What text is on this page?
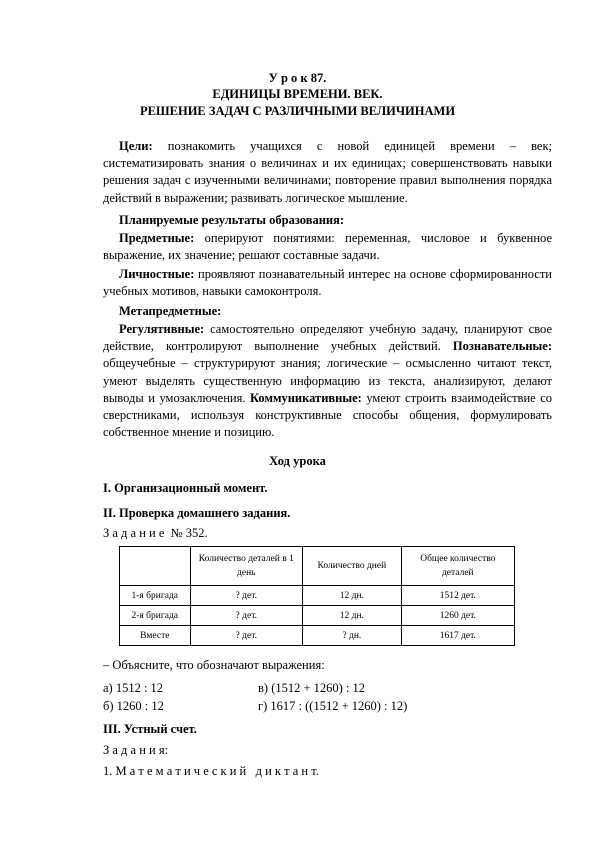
У р о к 87.
ЕДИНИЦЫ ВРЕМЕНИ. ВЕК.
РЕШЕНИЕ ЗАДАЧ С РАЗЛИЧНЫМИ ВЕЛИЧИНАМИ
Цели: познакомить учащихся с новой единицей времени – век; систематизировать знания о величинах и их единицах; совершенствовать навыки решения задач с изученными величинами; повторение правил выполнения порядка действий в выражении; развивать логическое мышление.
Планируемые результаты образования:
Предметные: оперируют понятиями: переменная, числовое и буквенное выражение, их значение; решают составные задачи.
Личностные: проявляют познавательный интерес на основе сформированности учебных мотивов, навыки самоконтроля.
Метапредметные:
Регулятивные: самостоятельно определяют учебную задачу, планируют свое действие, контролируют выполнение учебных действий. Познавательные: общеучебные – структурируют знания; логические – осмысленно читают текст, умеют выделять существенную информацию из текста, анализируют, делают выводы и умозаключения. Коммуникативные: умеют строить взаимодействие со сверстниками, используя конструктивные способы общения, формулировать собственное мнение и позицию.
Ход урока
I. Организационный момент.
II. Проверка домашнего задания.
З а д а н и е  № 352.
	Количество деталей в 1 день	Количество дней	Общее количество деталей
1-я бригада	? дет.	12 дн.	1512 дет.
2-я бригада	? дет.	12 дн.	1260 дет.
Вместе	? дет.	? дн.	1617 дет.
– Объясните, что обозначают выражения:
а) 1512 : 12	в) (1512 + 1260) : 12
б) 1260 : 12	г) 1617 : ((1512 + 1260) : 12)
III. Устный счет.
З а д а н и я:
1. М а т е м а т и ч е с к и й   д и к т а н т.
